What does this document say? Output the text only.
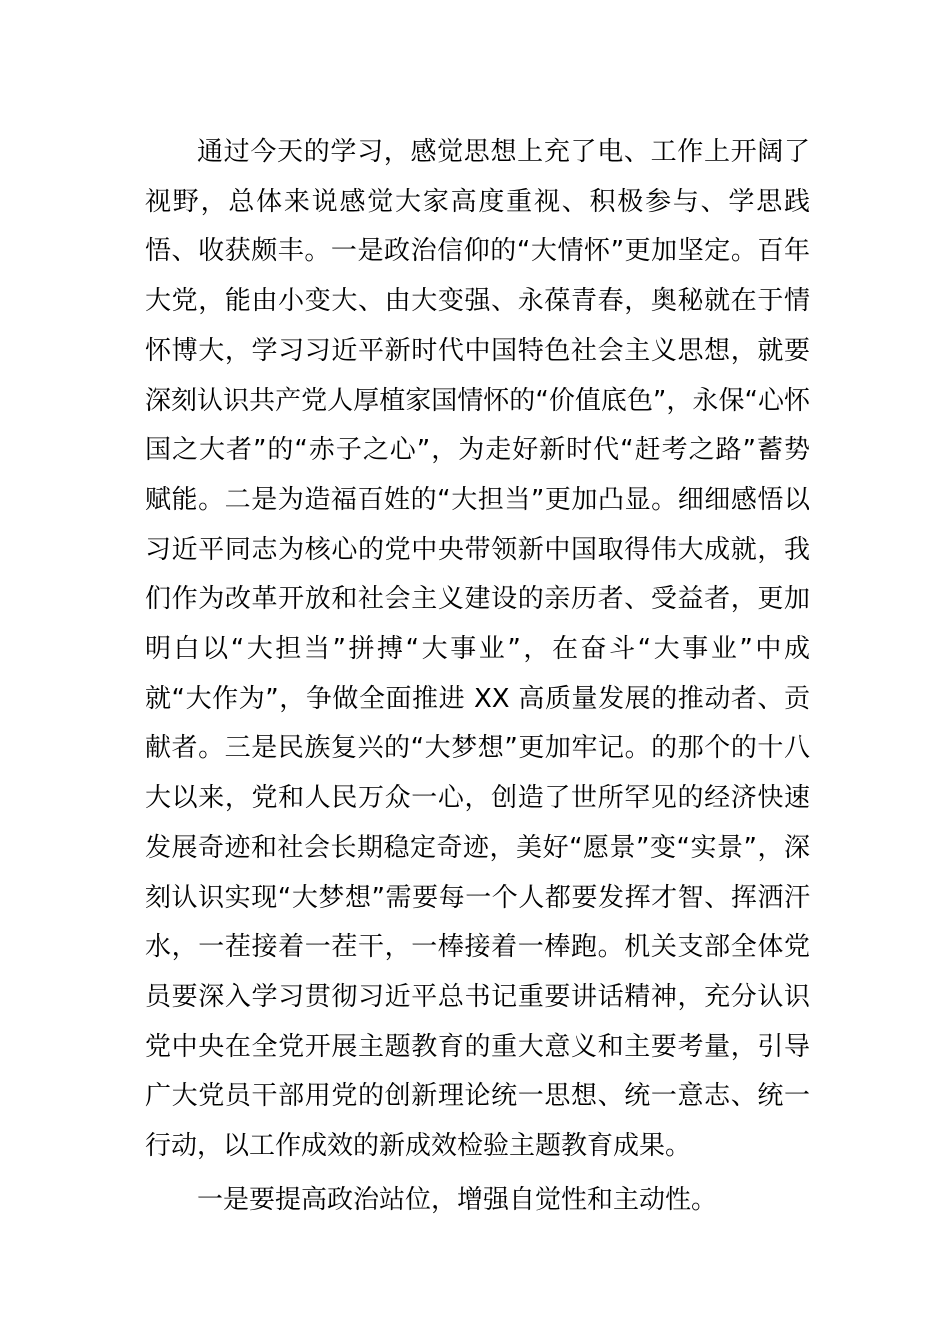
通过今天的学习，感觉思想上充了电、工作上开阔了视野，总体来说感觉大家高度重视、积极参与、学思践悟、收获颇丰。一是政治信仰的“大情怀”更加坚定。百年大党，能由小变大、由大变强、永葆青春，奥秘就在于情怀博大，学习习近平新时代中国特色社会主义思想，就要深刻认识共产党人厚植家国情怀的“价值底色”，永保“心怀国之大者”的“赤子之心”，为走好新时代“赶考之路”蓄势赋能。二是为造福百姓的“大担当”更加凸显。细细感悟以习近平同志为核心的党中央带领新中国取得伟大成就，我们作为改革开放和社会主义建设的亲历者、受益者，更加明白以“大担当”拼搏“大事业”，在奋斗“大事业”中成就“大作为”，争做全面推进 XX 高质量发展的推动者、贡献者。三是民族复兴的“大梦想”更加牢记。的那个的十八大以来，党和人民万众一心，创造了世所罕见的经济快速发展奇迹和社会长期稳定奇迹，美好“愿景”变“实景”，深刻认识实现“大梦想”需要每一个人都要发挥才智、挥洒汗水，一茬接着一茬干，一棒接着一棒跑。机关支部全体党员要深入学习贯彻习近平总书记重要讲话精神，充分认识党中央在全党开展主题教育的重大意义和主要考量，引导广大党员干部用党的创新理论统一思想、统一意志、统一行动，以工作成效的新成效检验主题教育成果。

一是要提高政治站位，增强自觉性和主动性。
